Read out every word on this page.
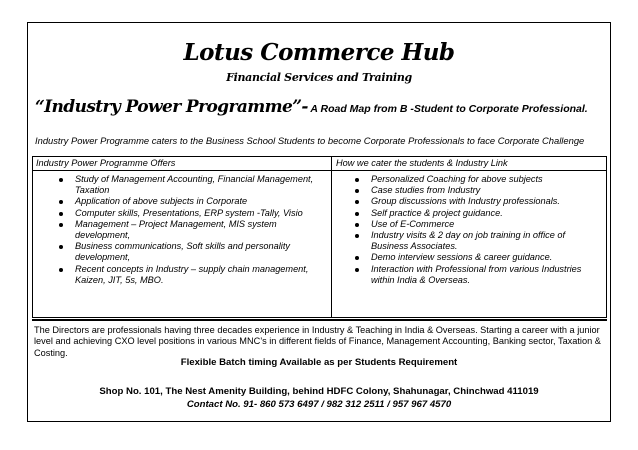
Lotus Commerce Hub
Financial Services and Training
“Industry Power Programme”- A Road Map from B -Student to Corporate Professional.
Industry Power Programme caters to the Business School Students to become Corporate Professionals to face Corporate Challenge
Industry Power Programme Offers	How we cater the students & Industry Link
Study of Management Accounting, Financial Management, Taxation
Application of above subjects in Corporate
Computer skills, Presentations, ERP system -Tally, Visio
Management – Project Management, MIS system development,
Business communications, Soft skills and personality development,
Recent concepts in Industry – supply chain management, Kaizen, JIT, 5s, MBO.
Personalized Coaching for above subjects
Case studies from Industry
Group discussions with Industry professionals.
Self practice & project guidance.
Use of E-Commerce
Industry visits & 2 day on job training in office of Business Associates.
Demo interview sessions & career guidance.
Interaction with Professional from various Industries within India & Overseas.
The Directors are professionals having three decades experience in Industry & Teaching in India & Overseas. Starting a career with a junior level and achieving CXO level positions in various MNC’s in different fields of Finance, Management Accounting, Banking sector, Taxation & Costing.
Flexible Batch timing Available as per Students Requirement
Shop No. 101, The Nest Amenity Building, behind HDFC Colony, Shahunagar, Chinchwad 411019
Contact No. 91- 860 573 6497 / 982 312 2511 / 957 967 4570
